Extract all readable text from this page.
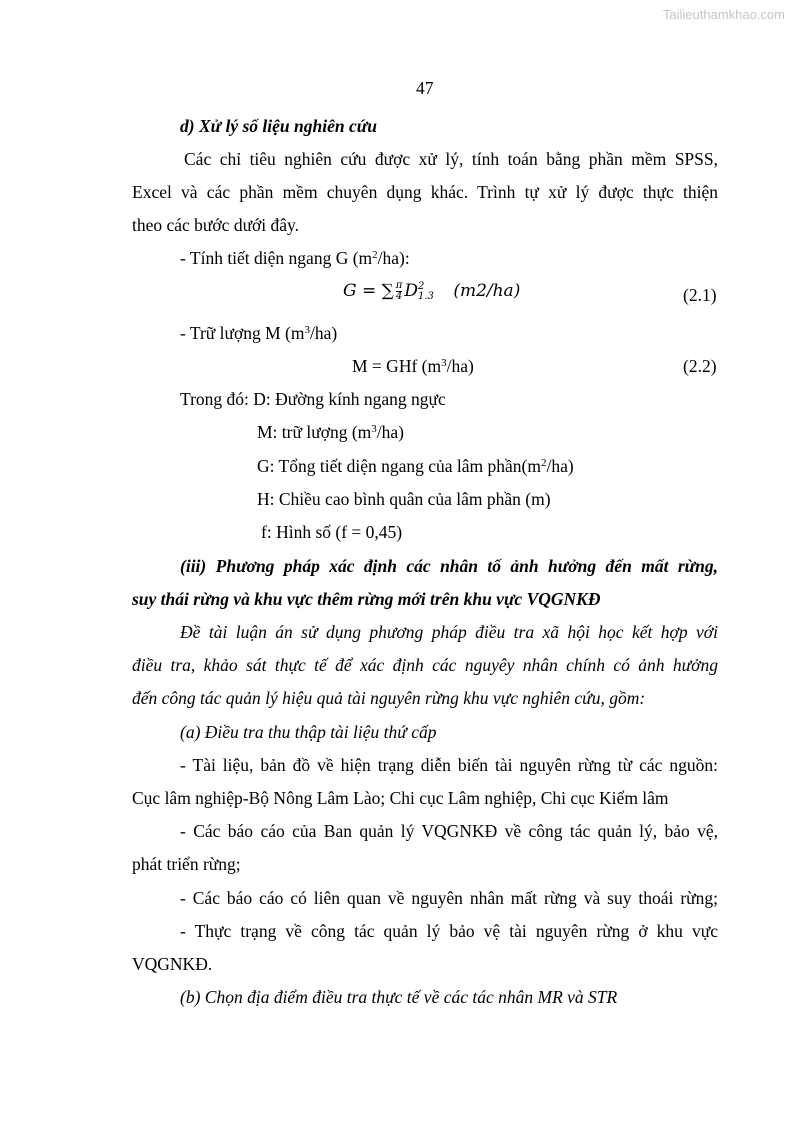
Tailieuthamkhao.com
47
d) Xử lý số liệu nghiên cứu
Các chỉ tiêu nghiên cứu được xử lý, tính toán bằng phần mềm SPSS,
Excel và các phần mềm chuyên dụng khác. Trình tự xử lý được thực thiện
theo các bước dưới đây.
- Tính tiết diện ngang G $(m^2/ha)$:
G = ∑ $\frac{\pi}{4}$ D 2
1.3 (m2/ha)	(2.1)
- Trữ lượng M $(m^3/ha)$
M = GHf $(m^3/ha)$	(2.2)
Trong đó: D: Đường kính ngang ngực
M: trữ lượng $(m^3/ha)$
G: Tổng tiết diện ngang của lâm $phần(m^2/ha)$
H: Chiều cao bình quân của lâm phần (m)
f: Hình số (f = 0,45)
(iii) Phương pháp xác định các nhân tố ảnh hưởng đến mất rừng,
suy thái rừng và khu vực thêm rừng mới trên khu vực VQGNKĐ
Đề tài luận án sử dụng phương pháp điều tra xã hội học kết hợp với
điều tra, khảo sát thực tế để xác định các nguyêy nhân chính có ảnh hưởng
đến công tác quản lý hiệu quả tài nguyên rừng khu vực nghiên cứu, gồm:
(a) Điều tra thu thập tài liệu thứ cấp
- Tài liệu, bản đồ về hiện trạng diễn biến tài nguyên rừng từ các nguồn:
Cục lâm nghiệp-Bộ Nông Lâm Lào; Chi cục Lâm nghiệp, Chi cục Kiểm lâm
- Các báo cáo của Ban quản lý VQGNKĐ về công tác quản lý, bảo vệ,
phát triển rừng;
- Các báo cáo có liên quan về nguyên nhân mất rừng và suy thoái rừng;
- Thực trạng về công tác quản lý bảo vệ tài nguyên rừng ở khu vực
VQGNKĐ.
(b) Chọn địa điểm điều tra thực tế về các tác nhân MR và STR
